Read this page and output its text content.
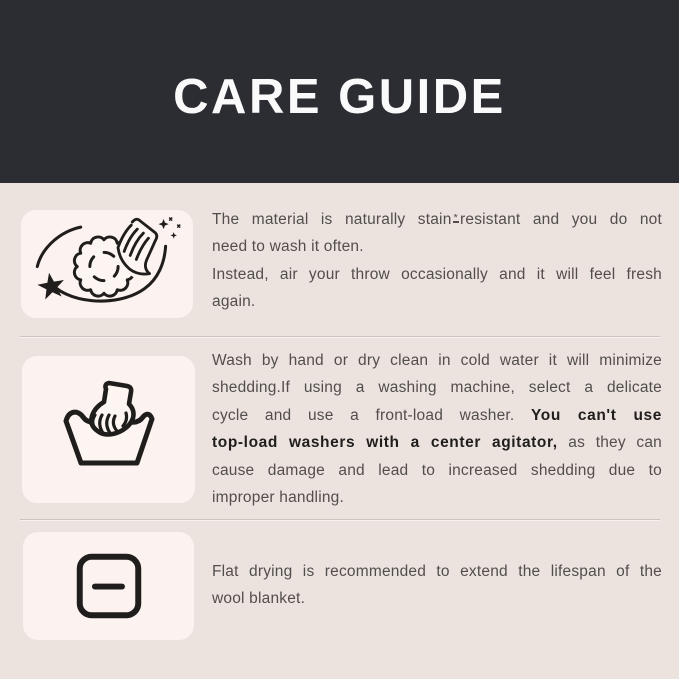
CARE GUIDE
The material is naturally stain * resistant and you do not
need to wash it often.
Instead, air your throw occasionally and it will feel fresh
again.
Wash by hand or dry clean in cold water it will minimize
shedding.If using a washing machine, select a delicate
cycle and use a front-load washer. You can't use
top-load washers with a center agitator, as they can
cause damage and lead to increased shedding due to
improper handling.
Flat drying is recommended to extend the lifespan of the
wool blanket.
